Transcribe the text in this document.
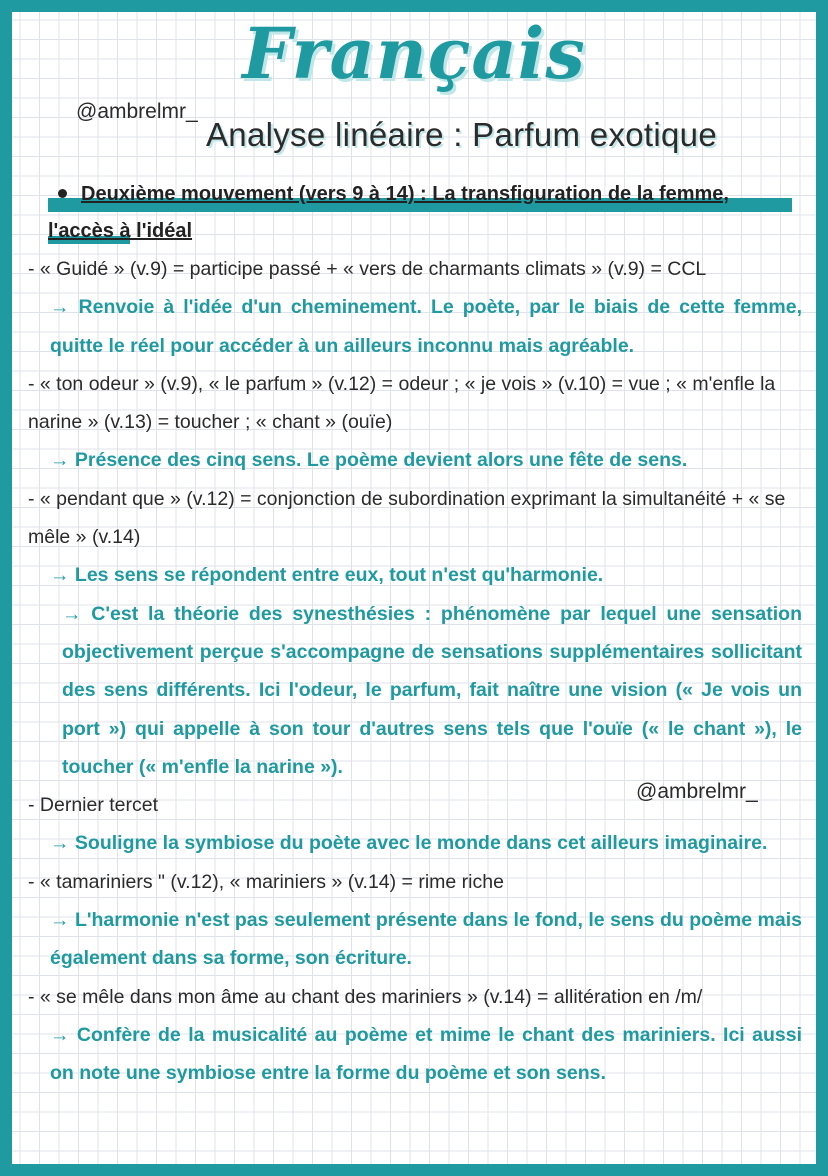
Français
@ambrelmr_
Analyse linéaire : Parfum exotique
Deuxième mouvement (vers 9 à 14) : La transfiguration de la femme, l'accès à l'idéal

- « Guidé » (v.9) = participe passé + « vers de charmants climats » (v.9) = CCL

→ Renvoie à l'idée d'un cheminement. Le poète, par le biais de cette femme, quitte le réel pour accéder à un ailleurs inconnu mais agréable.

- « ton odeur » (v.9), « le parfum » (v.12) = odeur ; « je vois » (v.10) = vue ; « m'enfle la narine » (v.13) = toucher ; « chant » (ouïe)

→ Présence des cinq sens. Le poème devient alors une fête de sens.

- « pendant que » (v.12) = conjonction de subordination exprimant la simultanéité + « se mêle » (v.14)

→ Les sens se répondent entre eux, tout n'est qu'harmonie.

→ C'est la théorie des synesthésies : phénomène par lequel une sensation objectivement perçue s'accompagne de sensations supplémentaires sollicitant des sens différents. Ici l'odeur, le parfum, fait naître une vision (« Je vois un port ») qui appelle à son tour d'autres sens tels que l'ouïe (« le chant »), le toucher (« m'enfle la narine »).

- Dernier tercet

→ Souligne la symbiose du poète avec le monde dans cet ailleurs imaginaire.

- « tamariniers " (v.12), « mariniers » (v.14) = rime riche

→ L'harmonie n'est pas seulement présente dans le fond, le sens du poème mais également dans sa forme, son écriture.

- « se mêle dans mon âme au chant des mariniers » (v.14) = allitération en /m/

→ Confère de la musicalité au poème et mime le chant des mariniers. Ici aussi on note une symbiose entre la forme du poème et son sens.

@ambrelmr_
